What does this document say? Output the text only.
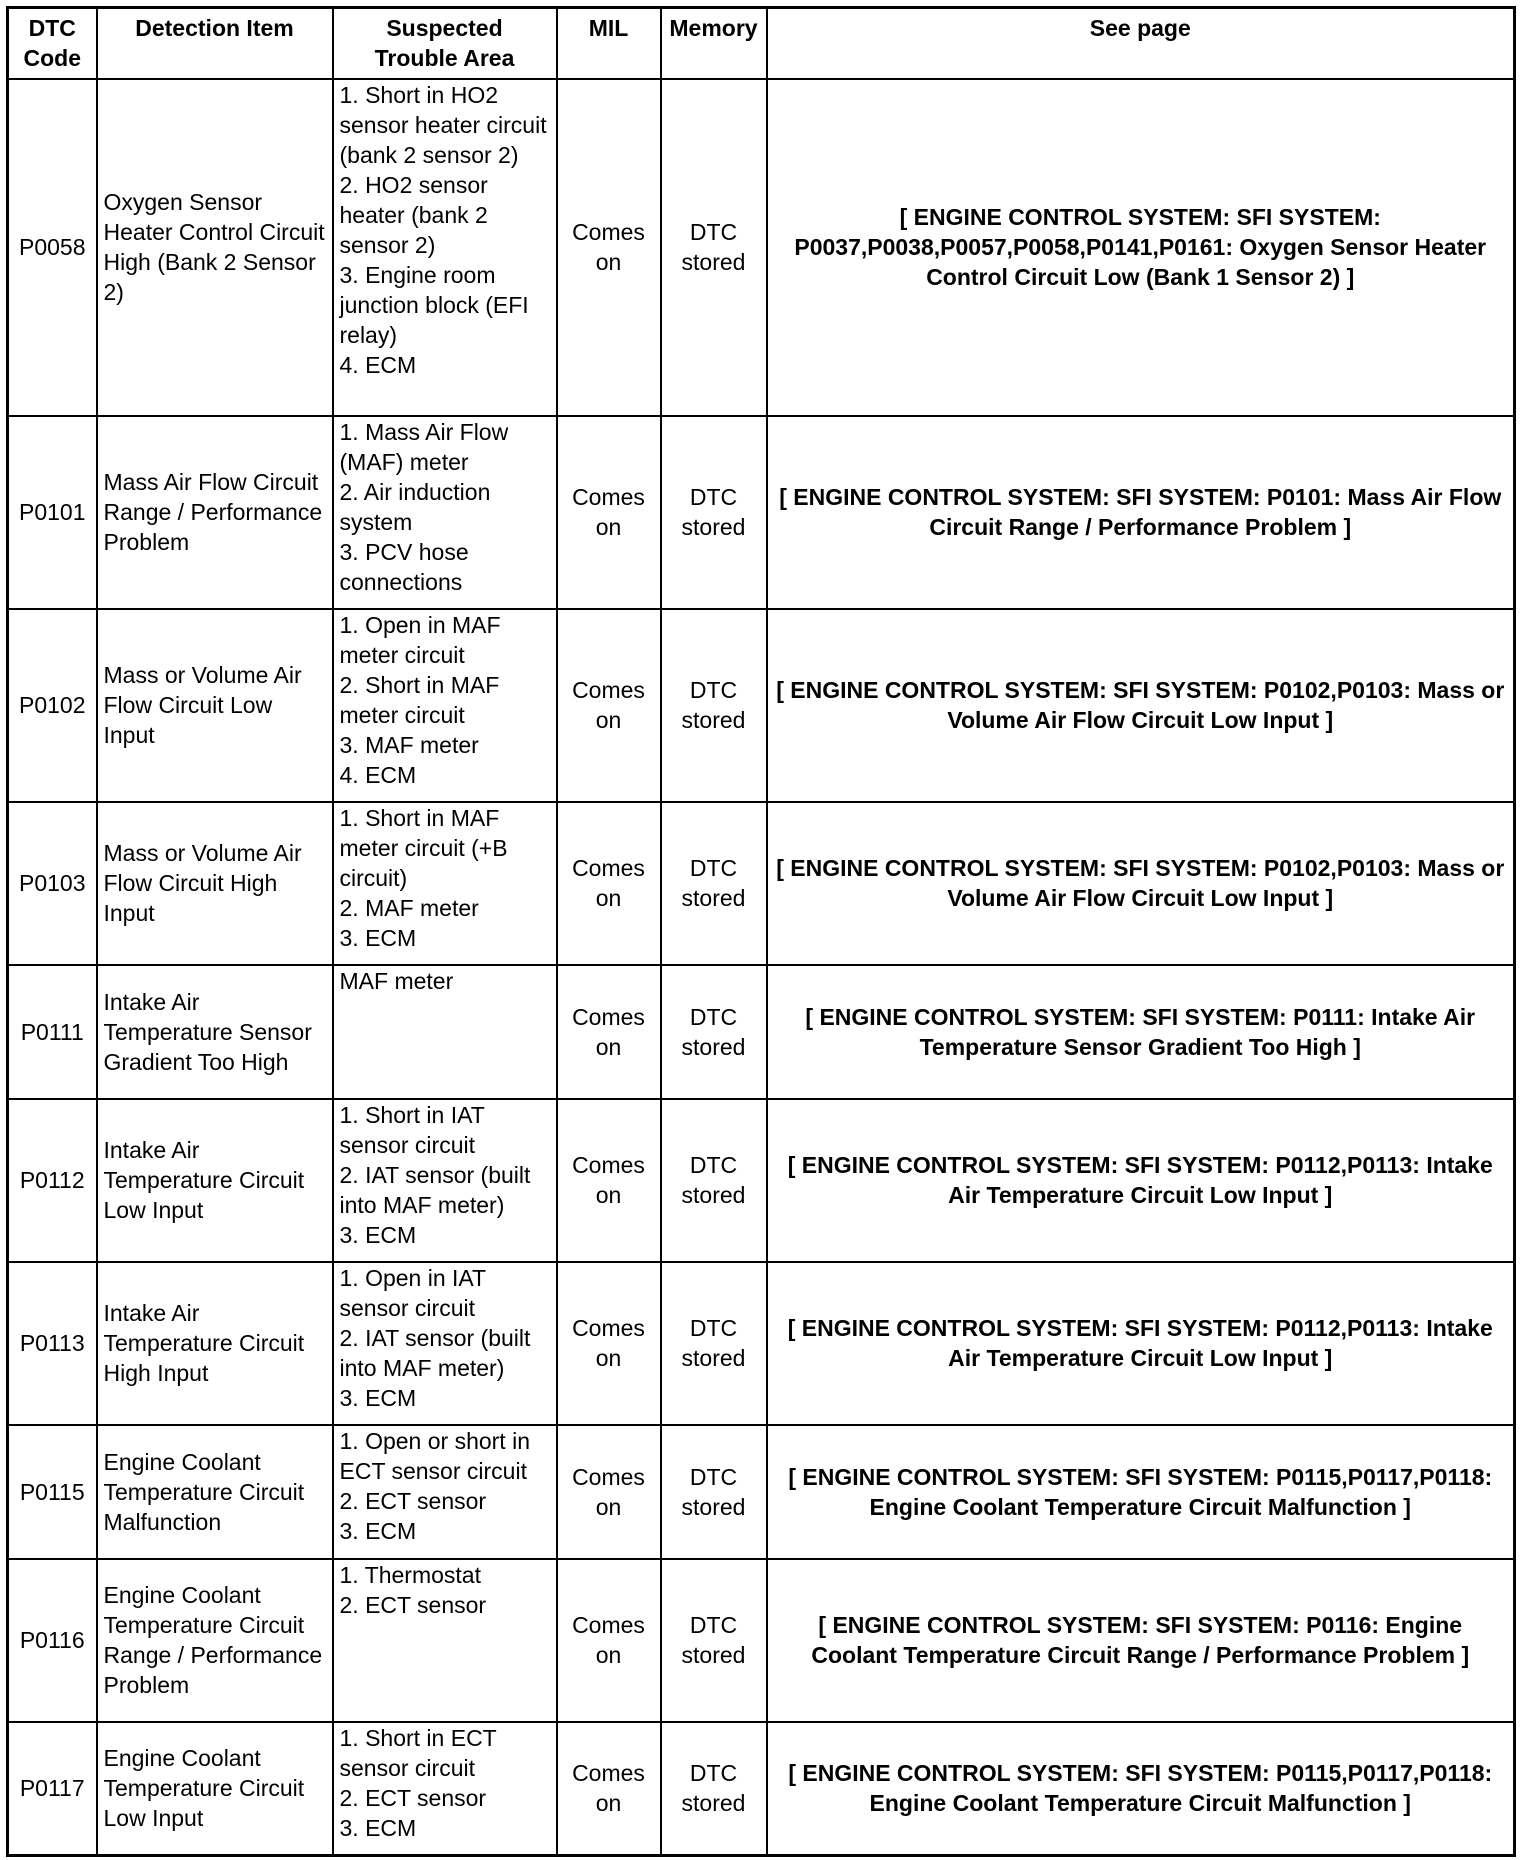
DTC
Code	Detection Item	Suspected
Trouble Area	MIL	Memory	See page
P0058	Oxygen Sensor Heater Control Circuit High (Bank 2 Sensor 2)	1. Short in HO2 sensor heater circuit (bank 2 sensor 2)
2. HO2 sensor heater (bank 2 sensor 2)
3. Engine room junction block (EFI relay)
4. ECM	Comes
on	DTC
stored	[ ENGINE CONTROL SYSTEM: SFI SYSTEM: P0037,P0038,P0057,P0058,P0141,P0161: Oxygen Sensor Heater Control Circuit Low (Bank 1 Sensor 2) ]
P0101	Mass Air Flow Circuit Range / Performance Problem	1. Mass Air Flow (MAF) meter
2. Air induction system
3. PCV hose connections	Comes
on	DTC
stored	[ ENGINE CONTROL SYSTEM: SFI SYSTEM: P0101: Mass Air Flow Circuit Range / Performance Problem ]
P0102	Mass or Volume Air Flow Circuit Low Input	1. Open in MAF meter circuit
2. Short in MAF meter circuit
3. MAF meter
4. ECM	Comes
on	DTC
stored	[ ENGINE CONTROL SYSTEM: SFI SYSTEM: P0102,P0103: Mass or Volume Air Flow Circuit Low Input ]
P0103	Mass or Volume Air Flow Circuit High Input	1. Short in MAF meter circuit (+B circuit)
2. MAF meter
3. ECM	Comes
on	DTC
stored	[ ENGINE CONTROL SYSTEM: SFI SYSTEM: P0102,P0103: Mass or Volume Air Flow Circuit Low Input ]
P0111	Intake Air Temperature Sensor Gradient Too High	MAF meter	Comes
on	DTC
stored	[ ENGINE CONTROL SYSTEM: SFI SYSTEM: P0111: Intake Air Temperature Sensor Gradient Too High ]
P0112	Intake Air Temperature Circuit Low Input	1. Short in IAT sensor circuit
2. IAT sensor (built into MAF meter)
3. ECM	Comes
on	DTC
stored	[ ENGINE CONTROL SYSTEM: SFI SYSTEM: P0112,P0113: Intake Air Temperature Circuit Low Input ]
P0113	Intake Air Temperature Circuit High Input	1. Open in IAT sensor circuit
2. IAT sensor (built into MAF meter)
3. ECM	Comes
on	DTC
stored	[ ENGINE CONTROL SYSTEM: SFI SYSTEM: P0112,P0113: Intake Air Temperature Circuit Low Input ]
P0115	Engine Coolant Temperature Circuit Malfunction	1. Open or short in ECT sensor circuit
2. ECT sensor
3. ECM	Comes
on	DTC
stored	[ ENGINE CONTROL SYSTEM: SFI SYSTEM: P0115,P0117,P0118: Engine Coolant Temperature Circuit Malfunction ]
P0116	Engine Coolant Temperature Circuit Range / Performance Problem	1. Thermostat
2. ECT sensor	Comes
on	DTC
stored	[ ENGINE CONTROL SYSTEM: SFI SYSTEM: P0116: Engine Coolant Temperature Circuit Range / Performance Problem ]
P0117	Engine Coolant Temperature Circuit Low Input	1. Short in ECT sensor circuit
2. ECT sensor
3. ECM	Comes
on	DTC
stored	[ ENGINE CONTROL SYSTEM: SFI SYSTEM: P0115,P0117,P0118: Engine Coolant Temperature Circuit Malfunction ]
